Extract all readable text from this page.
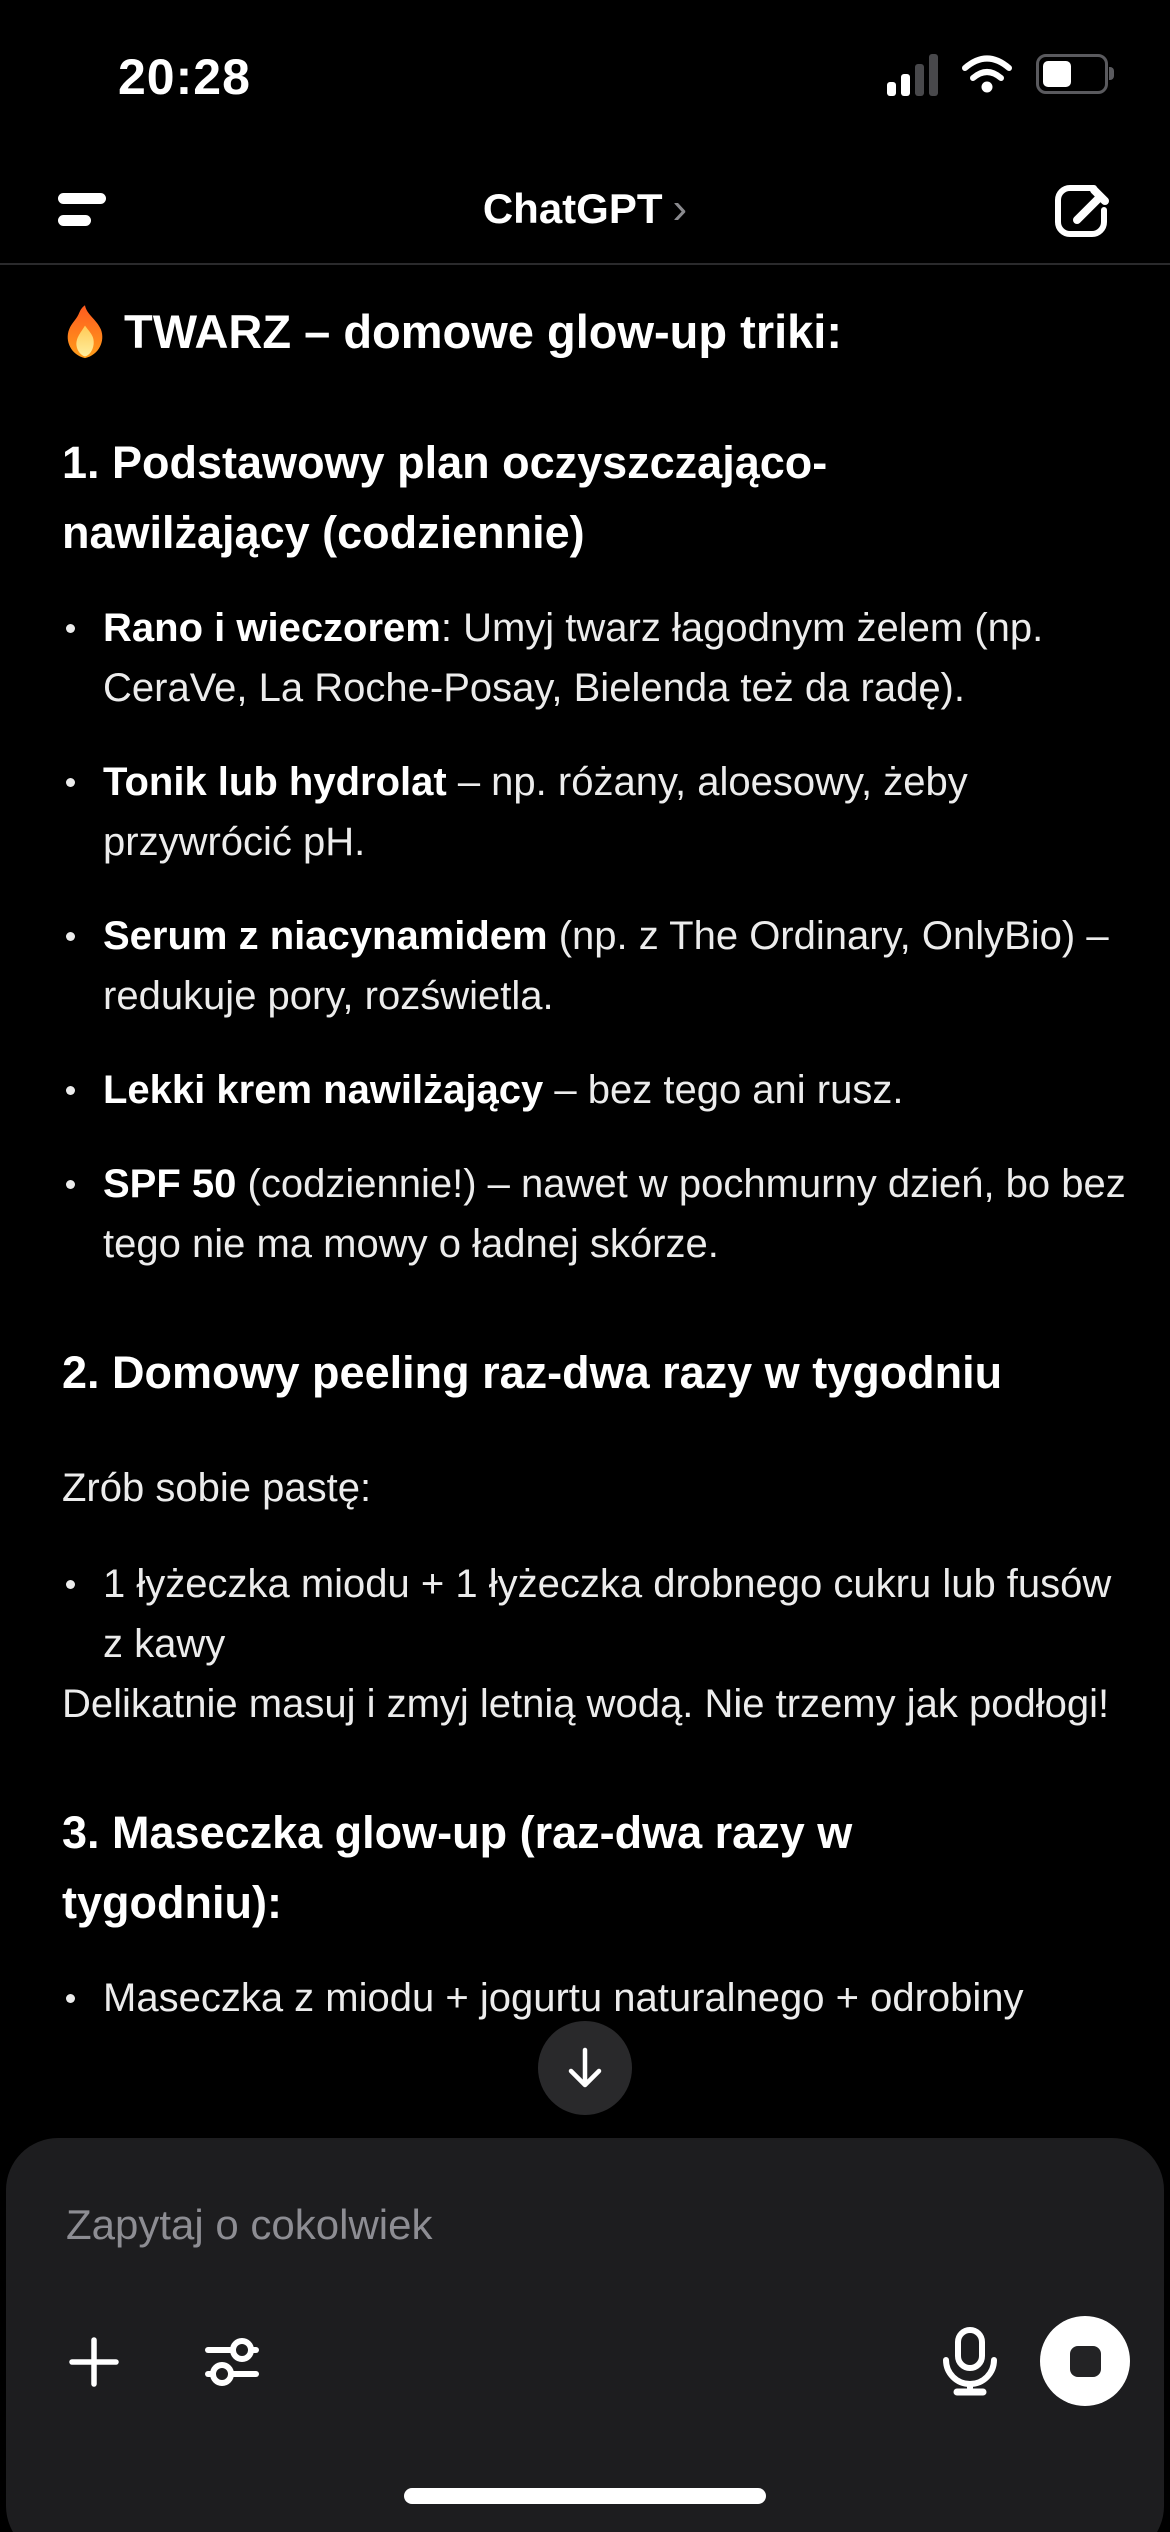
20:28
ChatGPT ›
TWARZ – domowe glow-up triki:
1. Podstawowy plan oczyszczająco-nawilżający (codziennie)
Rano i wieczorem: Umyj twarz łagodnym żelem (np. CeraVe, La Roche-Posay, Bielenda też da radę).
Tonik lub hydrolat – np. różany, aloesowy, żeby przywrócić pH.
Serum z niacynamidem (np. z The Ordinary, OnlyBio) – redukuje pory, rozświetla.
Lekki krem nawilżający – bez tego ani rusz.
SPF 50 (codziennie!) – nawet w pochmurny dzień, bo bez tego nie ma mowy o ładnej skórze.
2. Domowy peeling raz-dwa razy w tygodniu
Zrób sobie pastę:
1 łyżeczka miodu + 1 łyżeczka drobnego cukru lub fusów z kawy
Delikatnie masuj i zmyj letnią wodą. Nie trzemy jak podłogi!
3. Maseczka glow-up (raz-dwa razy w tygodniu):
Maseczka z miodu + jogurtu naturalnego + odrobiny
Zapytaj o cokolwiek
